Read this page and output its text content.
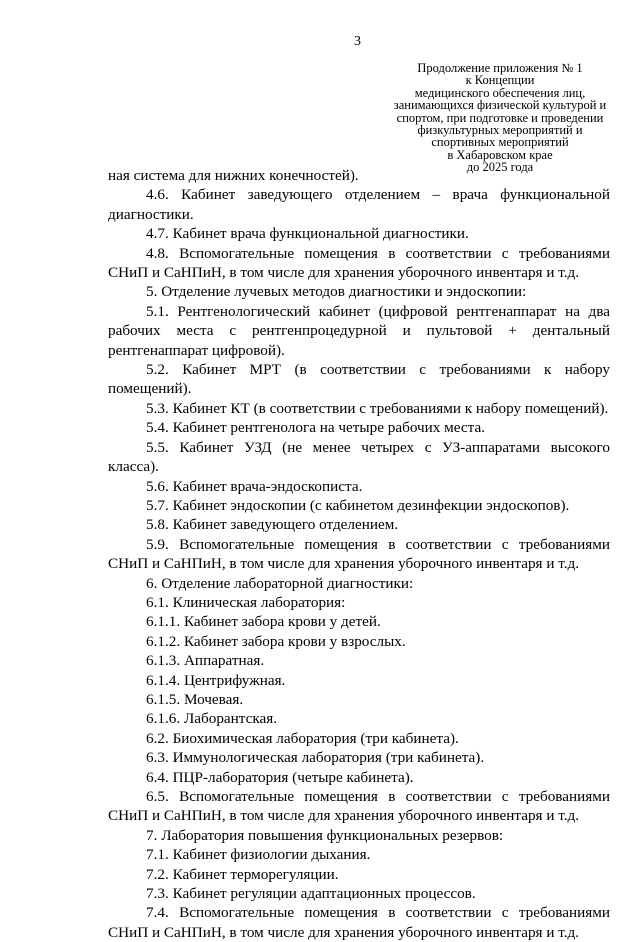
3
Продолжение приложения № 1
к Концепции
медицинского обеспечения лиц,
занимающихся физической культурой и
спортом, при подготовке и проведении
физкультурных мероприятий и
спортивных мероприятий
в Хабаровском крае
до 2025 года
ная система для нижних конечностей).
4.6. Кабинет заведующего отделением – врача функциональной диагностики.
4.7. Кабинет врача функциональной диагностики.
4.8. Вспомогательные помещения в соответствии с требованиями СНиП и СаНПиН, в том числе для хранения уборочного инвентаря и т.д.
5. Отделение лучевых методов диагностики и эндоскопии:
5.1. Рентгенологический кабинет (цифровой рентгенаппарат на два рабочих места с рентгенпроцедурной и пультовой + дентальный рентгенаппарат цифровой).
5.2. Кабинет МРТ (в соответствии с требованиями к набору помещений).
5.3. Кабинет КТ (в соответствии с требованиями к набору помещений).
5.4. Кабинет рентгенолога на четыре рабочих места.
5.5. Кабинет УЗД (не менее четырех с УЗ-аппаратами высокого класса).
5.6. Кабинет врача-эндоскописта.
5.7. Кабинет эндоскопии (с кабинетом дезинфекции эндоскопов).
5.8. Кабинет заведующего отделением.
5.9. Вспомогательные помещения в соответствии с требованиями СНиП и СаНПиН, в том числе для хранения уборочного инвентаря и т.д.
6. Отделение лабораторной диагностики:
6.1. Клиническая лаборатория:
6.1.1. Кабинет забора крови у детей.
6.1.2. Кабинет забора крови у взрослых.
6.1.3. Аппаратная.
6.1.4. Центрифужная.
6.1.5. Мочевая.
6.1.6. Лаборантская.
6.2. Биохимическая лаборатория (три кабинета).
6.3. Иммунологическая лаборатория (три кабинета).
6.4. ПЦР-лаборатория (четыре кабинета).
6.5. Вспомогательные помещения в соответствии с требованиями СНиП и СаНПиН, в том числе для хранения уборочного инвентаря и т.д.
7. Лаборатория повышения функциональных резервов:
7.1. Кабинет физиологии дыхания.
7.2. Кабинет терморегуляции.
7.3. Кабинет регуляции адаптационных процессов.
7.4. Вспомогательные помещения в соответствии с требованиями СНиП и СаНПиН, в том числе для хранения уборочного инвентаря и т.д.
